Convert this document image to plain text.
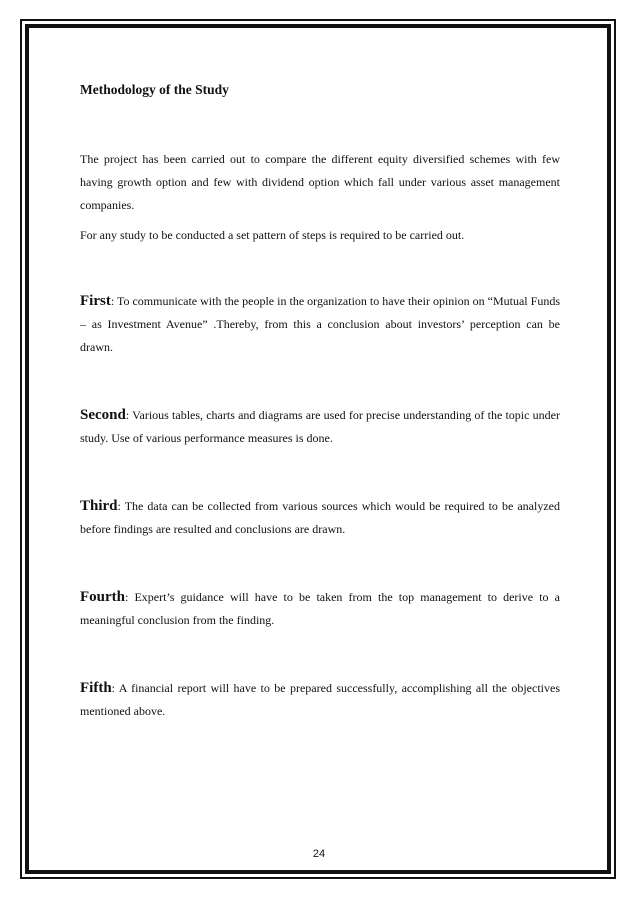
Methodology of the Study

The project has been carried out to compare the different equity diversified schemes with few having growth option and few with dividend option which fall under various asset management companies.

For any study to be conducted a set pattern of steps is required to be carried out.

First: To communicate with the people in the organization to have their opinion on “Mutual Funds – as Investment Avenue” .Thereby, from this a conclusion about investors’ perception can be drawn.

Second: Various tables, charts and diagrams are used for precise understanding of the topic under study. Use of various performance measures is done.

Third: The data can be collected from various sources which would be required to be analyzed before findings are resulted and conclusions are drawn.

Fourth: Expert’s guidance will have to be taken from the top management to derive to a meaningful conclusion from the finding.

Fifth: A financial report will have to be prepared successfully, accomplishing all the objectives mentioned above.

24
